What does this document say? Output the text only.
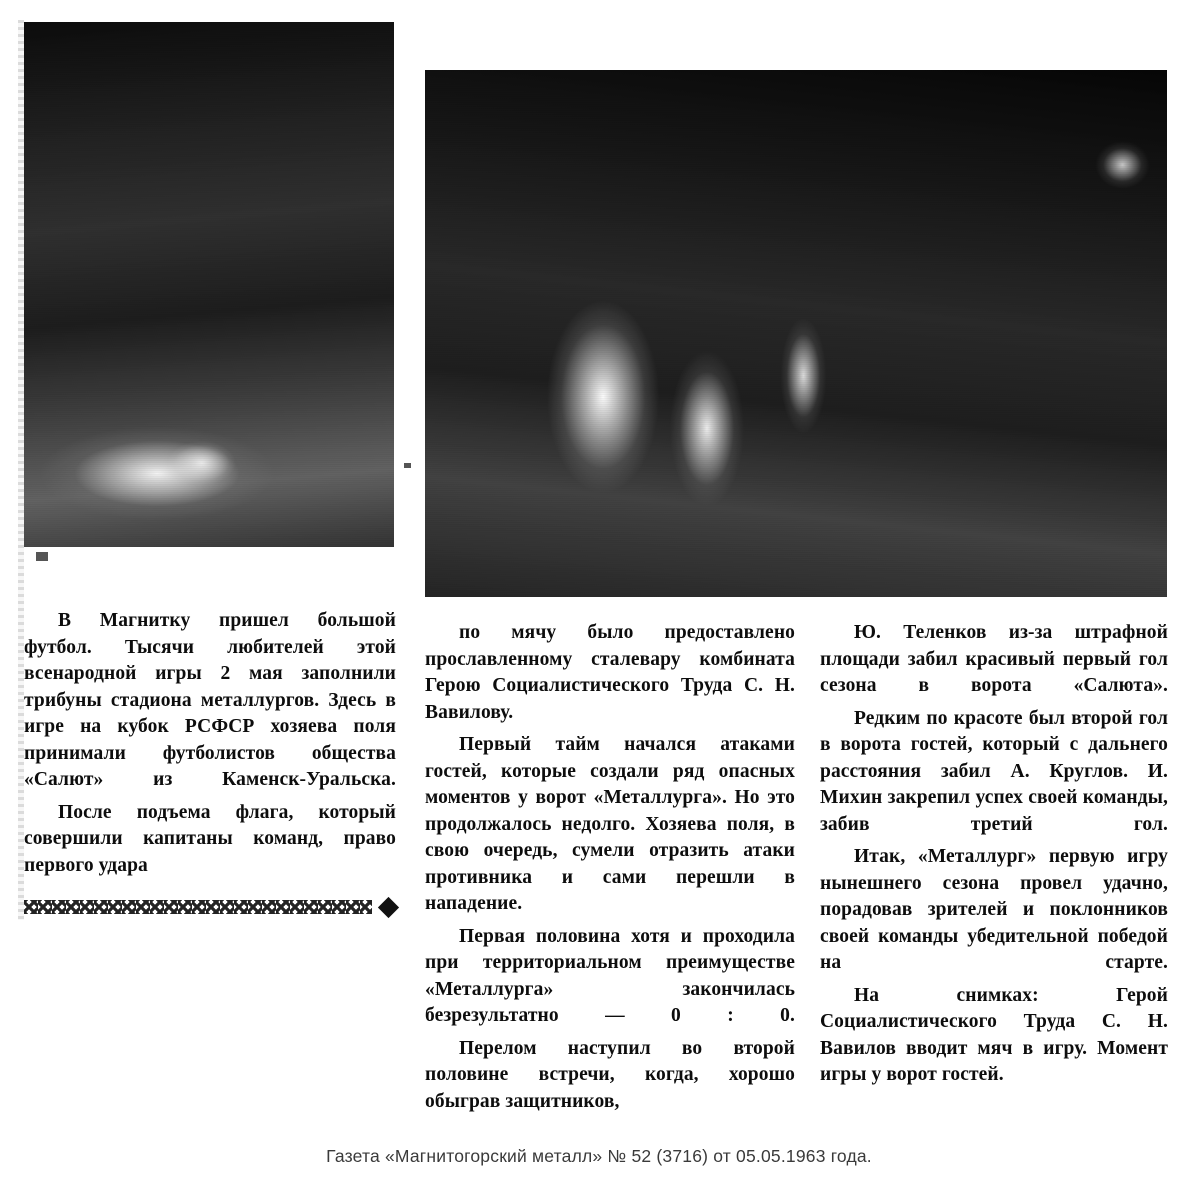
В Магнитку пришел большой футбол. Тысячи любителей этой всенародной игры 2 мая заполнили трибуны стадиона металлургов. Здесь в игре на кубок РСФСР хозяева поля принимали футболистов общества «Салют» из Каменск-Уральска.

После подъема флага, который совершили капитаны команд, право первого удара

по мячу было предоставлено прославленному сталевару комбината Герою Социалистического Труда С. Н. Вавилову.

Первый тайм начался атаками гостей, которые создали ряд опасных моментов у ворот «Металлурга». Но это продолжалось недолго. Хозяева поля, в свою очередь, сумели отразить атаки противника и сами перешли в нападение.

Первая половина хотя и проходила при территориальном преимуществе «Металлурга» закончилась безрезультатно — 0 : 0.

Перелом наступил во второй половине встречи, когда, хорошо обыграв защитников,

Ю. Теленков из-за штрафной площади забил красивый первый гол сезона в ворота «Салюта».

Редким по красоте был второй гол в ворота гостей, который с дальнего расстояния забил А. Круглов. И. Михин закрепил успех своей команды, забив третий гол.

Итак, «Металлург» первую игру нынешнего сезона провел удачно, порадовав зрителей и поклонников своей команды убедительной победой на старте.

На снимках: Герой Социалистического Труда С. Н. Вавилов вводит мяч в игру. Момент игры у ворот гостей.

Газета «Магнитогорский металл» № 52 (3716) от 05.05.1963 года.
